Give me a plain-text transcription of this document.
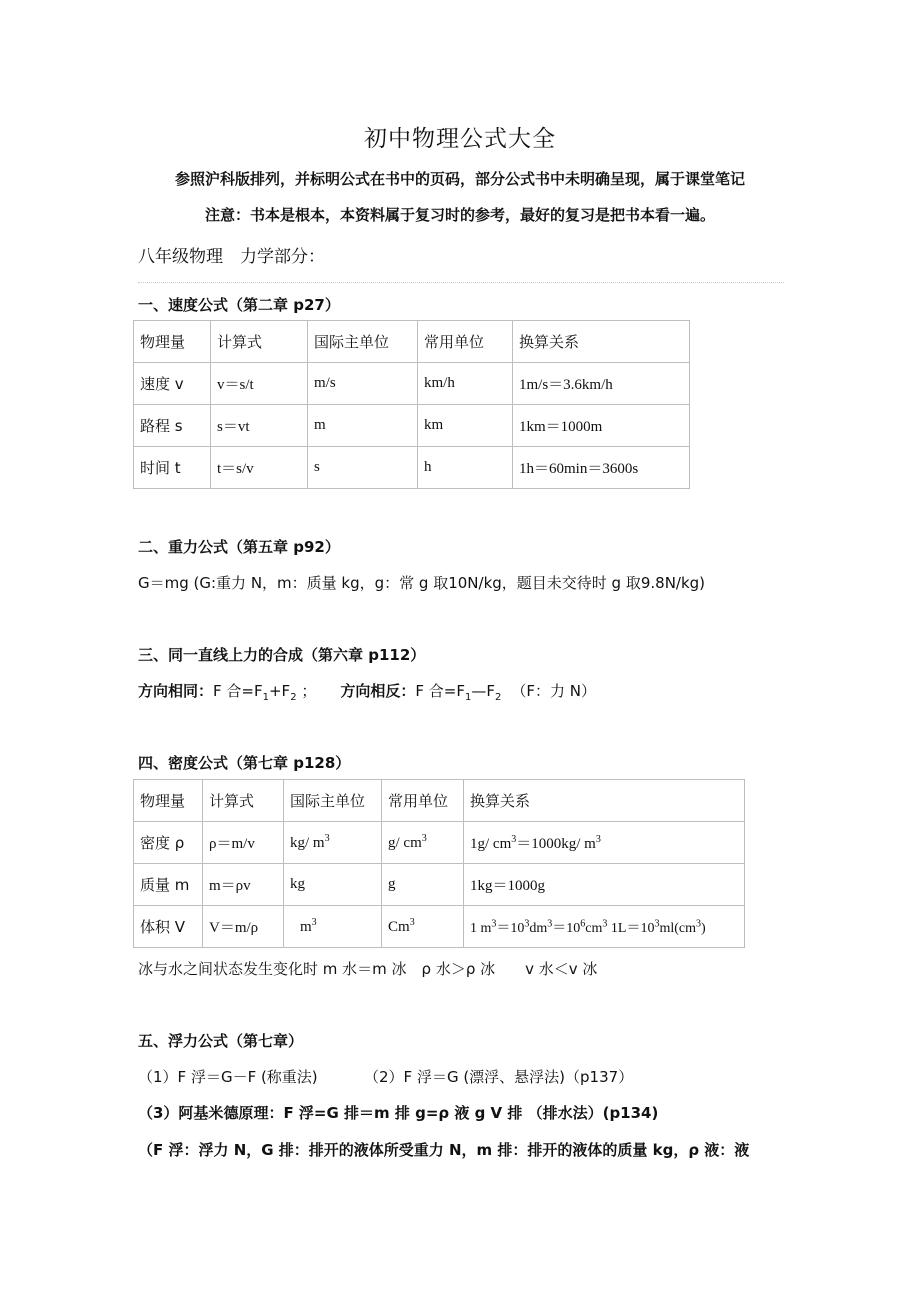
初中物理公式大全
参照沪科版排列，并标明公式在书中的页码，部分公式书中未明确呈现，属于课堂笔记
注意：书本是根本，本资料属于复习时的参考，最好的复习是把书本看一遍。
八年级物理　力学部分：
一、速度公式（第二章 p27）
物理量	计算式	国际主单位	常用单位	换算关系
速度 v	v＝s/t	m/s	km/h	1m/s＝3.6km/h
路程 s	s＝vt	m	km	1km＝1000m
时间 t	t＝s/v	s	h	1h＝60min＝3600s
二、重力公式（第五章 p92）
G＝mg (G:重力 N，m：质量 kg，g：常 g 取10N/kg，题目未交待时 g 取9.8N/kg)
三、同一直线上力的合成（第六章 p112）
方向相同：F 合$=F_1+F_2$ ； 方向相反：F 合$=F_1—F_2$ （F：力 N）
四、密度公式（第七章 p128）
物理量	计算式	国际主单位	常用单位	换算关系
密度 ρ	ρ＝m/v	kg/ $m^3$	g/ $cm^3$	1g/ $cm^3=1000kg/$ $m^3$
质量 m	m＝ρv	kg	g	1kg＝1000g
体积 V	V＝m/ρ	$m^3$	Cm$^3$	1 $m^3=10^3dm^3=10^6cm^3$ $1L=10^3ml(cm^3)$
冰与水之间状态发生变化时 m 水＝m 冰　ρ 水＞ρ 冰　　v 水＜v 冰
五、浮力公式（第七章）
（1）F 浮＝G－F (称重法)	（2）F 浮＝G (漂浮、悬浮法)（p137）
（3）阿基米德原理：F 浮=G 排＝m 排 g=ρ 液 g V 排 （排水法）(p134)
（F 浮：浮力 N，G 排：排开的液体所受重力 N，m 排：排开的液体的质量 kg，ρ 液：液
